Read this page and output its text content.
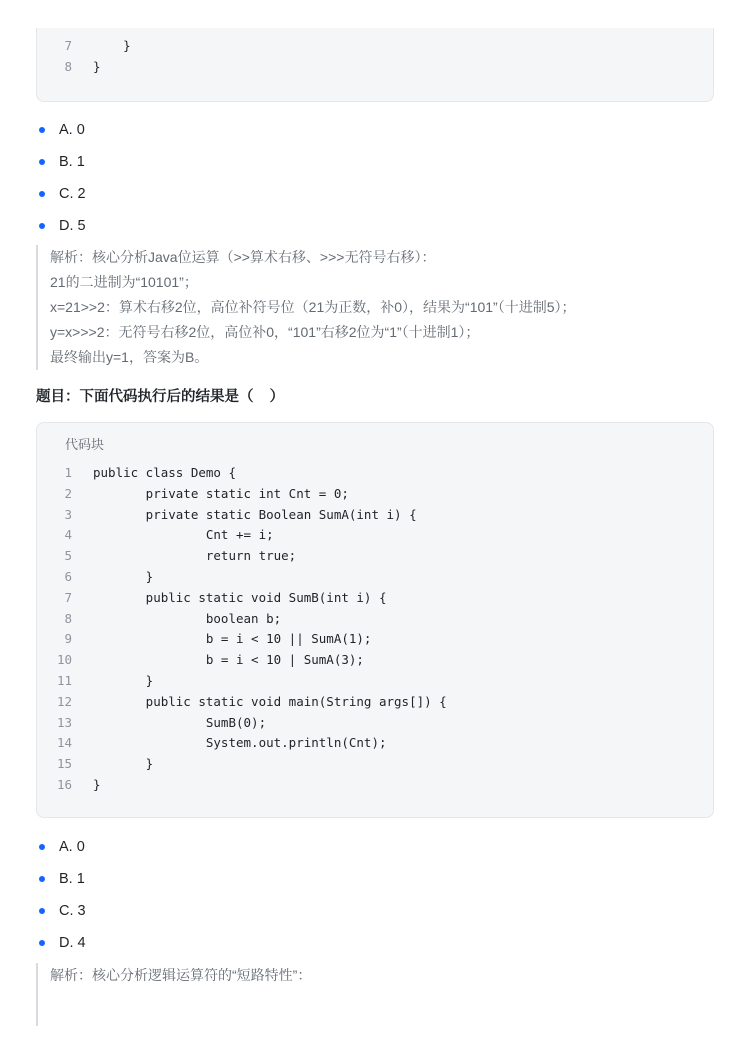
7	}
8	}
A. 0
B. 1
C. 2
D. 5
解析：核心分析Java位运算（>>算术右移、>>>无符号右移）：
21的二进制为“10101”；
x=21>>2：算术右移2位，高位补符号位（21为正数，补0），结果为“101”（十进制5）；
y=x>>>2：无符号右移2位，高位补0，“101”右移2位为“1”（十进制1）；
最终输出y=1，答案为B。
题目：下面代码执行后的结果是（    ）
代码块
1	public class Demo {
2	private static int Cnt = 0;
3	private static Boolean SumA(int i) {
4	Cnt += i;
5	return true;
6	}
7	public static void SumB(int i) {
8	boolean b;
9	b = i < 10 || SumA(1);
10	b = i < 10 | SumA(3);
11	}
12	public static void main(String args[]) {
13	SumB(0);
14	System.out.println(Cnt);
15	}
16	}
A. 0
B. 1
C. 3
D. 4
解析：核心分析逻辑运算符的“短路特性”：
